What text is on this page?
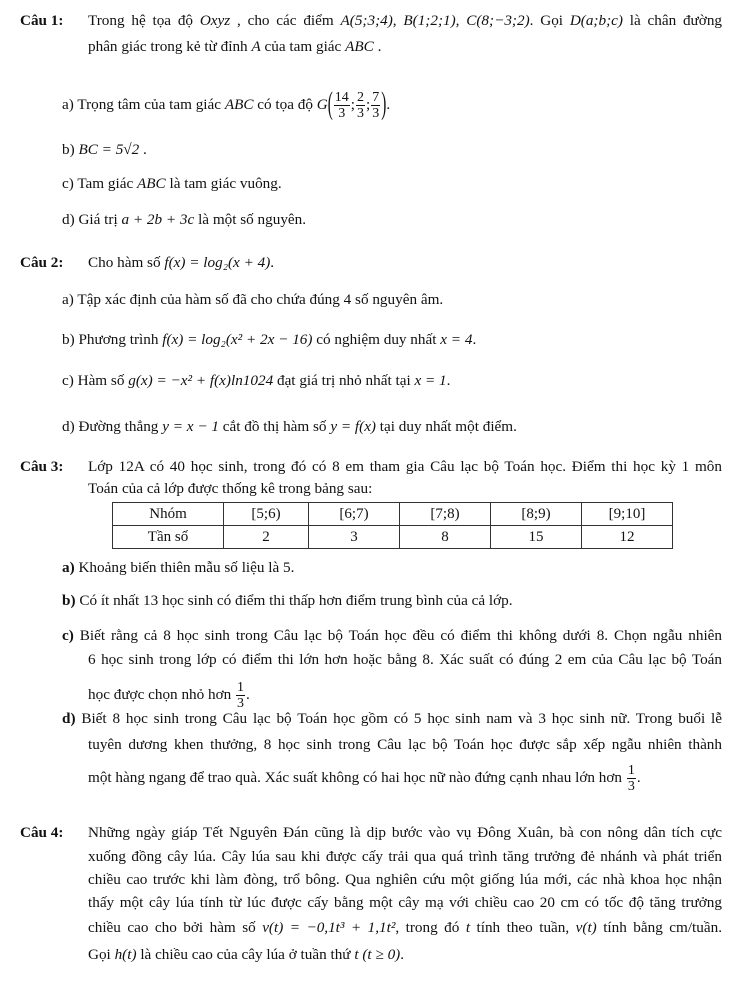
Nhóm	[5;6)	[6;7)	[7;8)	[8;9)	[9;10]
Tần số	2	3	8	15	12
Câu 1: Trong hệ tọa độ Oxyz , cho các điểm A(5;3;4), B(1;2;1), C(8;−3;2). Gọi D(a;b;c) là chân đường
phân giác trong kẻ từ đỉnh A của tam giác ABC .
a) Trọng tâm của tam giác ABC có tọa độ $G( \frac{14}{3}$ ; $\frac{2}{3}$ ; $\frac{7}{3}$ ).
b) BC = 5√2 .
c) Tam giác ABC là tam giác vuông.
d) Giá trị a + 2b + 3c là một số nguyên.
Câu 2: Cho hàm số f(x) = log₂(x + 4).
a) Tập xác định của hàm số đã cho chứa đúng 4 số nguyên âm.
b) Phương trình f(x) = log₂(x² + 2x − 16) có nghiệm duy nhất x = 4.
c) Hàm số g(x) = −x² + f(x)ln1024 đạt giá trị nhỏ nhất tại x = 1.
d) Đường thẳng y = x − 1 cắt đồ thị hàm số y = f(x) tại duy nhất một điểm.
Câu 3: Lớp 12A có 40 học sinh, trong đó có 8 em tham gia Câu lạc bộ Toán học. Điểm thi học kỳ 1 môn
Toán của cả lớp được thống kê trong bảng sau:
a) Khoảng biến thiên mẫu số liệu là 5.
b) Có ít nhất 13 học sinh có điểm thi thấp hơn điểm trung bình của cả lớp.
c) Biết rằng cả 8 học sinh trong Câu lạc bộ Toán học đều có điểm thi không dưới 8. Chọn ngẫu nhiên
6 học sinh trong lớp có điểm thi lớn hơn hoặc bằng 8. Xác suất có đúng 2 em của Câu lạc bộ Toán
học được chọn nhỏ hơn $\frac{1}{3}$ .
d) Biết 8 học sinh trong Câu lạc bộ Toán học gồm có 5 học sinh nam và 3 học sinh nữ. Trong buổi lễ
tuyên dương khen thưởng, 8 học sinh trong Câu lạc bộ Toán học được sắp xếp ngẫu nhiên thành
một hàng ngang để trao quà. Xác suất không có hai học nữ nào đứng cạnh nhau lớn hơn $\frac{1}{3}$ .
Câu 4: Những ngày giáp Tết Nguyên Đán cũng là dịp bước vào vụ Đông Xuân, bà con nông dân tích cực
xuống đồng cây lúa. Cây lúa sau khi được cấy trải qua quá trình tăng trưởng đẻ nhánh và phát triển
chiều cao trước khi làm đòng, trổ bông. Qua nghiên cứu một giống lúa mới, các nhà khoa học nhận
thấy một cây lúa tính từ lúc được cấy bằng một cây mạ với chiều cao 20 cm có tốc độ tăng trưởng
chiều cao cho bởi hàm số v(t) = −0,1t³ + 1,1t², trong đó t tính theo tuần, v(t) tính bằng cm/tuần.
Gọi h(t) là chiều cao của cây lúa ở tuần thứ t (t ≥ 0).
